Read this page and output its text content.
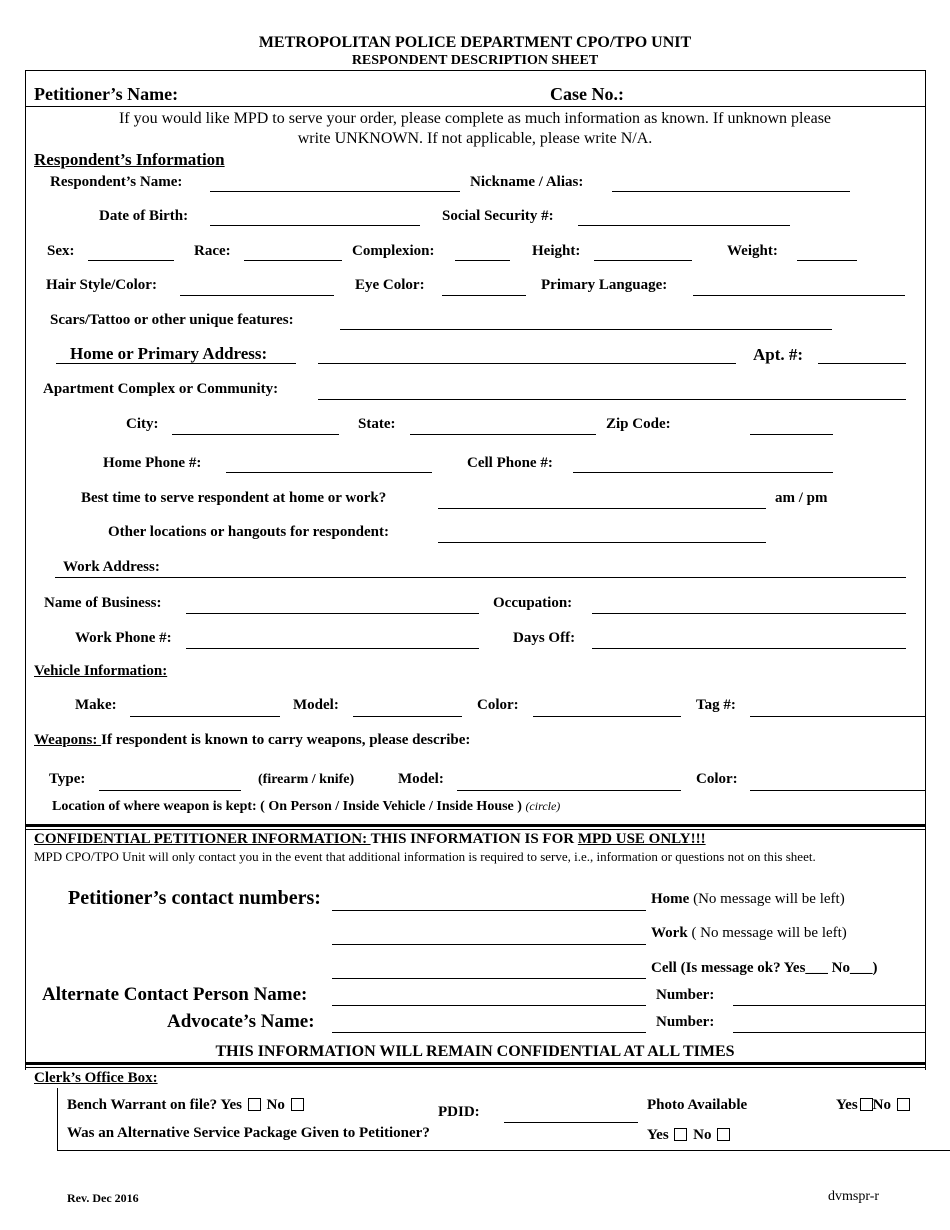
METROPOLITAN POLICE DEPARTMENT CPO/TPO UNIT
RESPONDENT DESCRIPTION SHEET
Petitioner’s Name:	Case No.:
If you would like MPD to serve your order, please complete as much information as known. If unknown please
write UNKNOWN. If not applicable, please write N/A.
Respondent’s Information
Respondent’s Name:	Nickname / Alias:
Date of Birth:	Social Security #:
Sex:	Race:	Complexion:	Height:	Weight:
Hair Style/Color:	Eye Color:	Primary Language:
Scars/Tattoo or other unique features:
Home or Primary Address:	Apt. #:
Apartment Complex or Community:
City:	State:	Zip Code:
Home Phone #:	Cell Phone #:
Best time to serve respondent at home or work?	am / pm
Other locations or hangouts for respondent:
Work Address:
Name of Business:	Occupation:
Work Phone #:	Days Off:
Vehicle Information:
Make:	Model:	Color:	Tag #:
Weapons: If respondent is known to carry weapons, please describe:
Type:	(firearm / knife)	Model:	Color:
Location of where weapon is kept: ( On Person / Inside Vehicle / Inside House ) (circle)
CONFIDENTIAL PETITIONER INFORMATION: THIS INFORMATION IS FOR MPD USE ONLY!!!
MPD CPO/TPO Unit will only contact you in the event that additional information is required to serve, i.e., information or questions not on this sheet.
Petitioner’s contact numbers:	Home (No message will be left)
Work ( No message will be left)
Cell (Is message ok? Yes___ No___)
Alternate Contact Person Name:	Number:
Advocate’s Name:	Number:
THIS INFORMATION WILL REMAIN CONFIDENTIAL AT ALL TIMES
Clerk’s Office Box:
Bench Warrant on file? Yes No	PDID:	Photo Available	Yes No
Was an Alternative Service Package Given to Petitioner?	Yes No
Rev. Dec 2016	dvmspr-r
